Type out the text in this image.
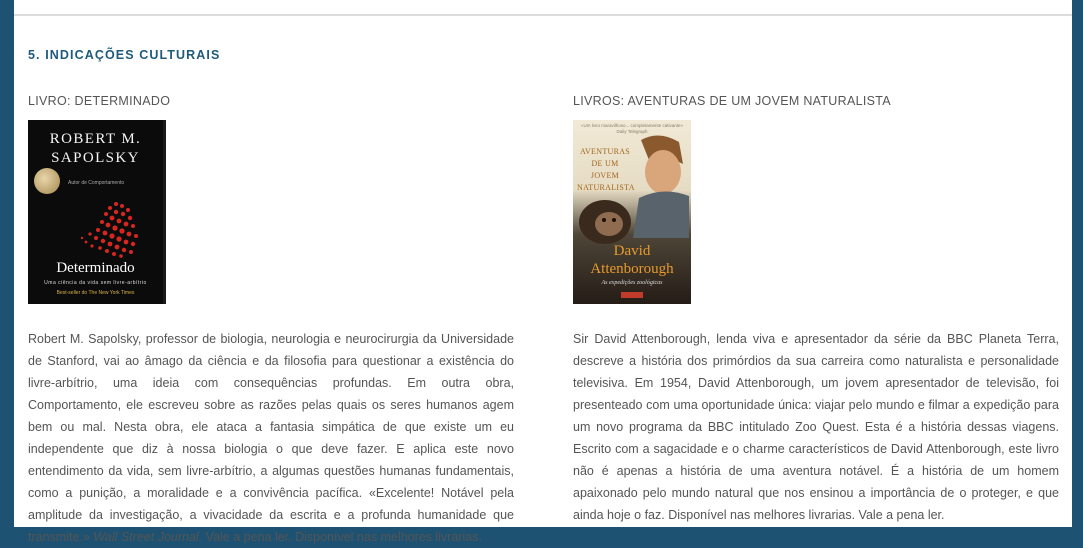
5. INDICAÇÕES CULTURAIS
LIVRO: DETERMINADO
ROBERT M.
SAPOLSKY
Autor de Comportamento
Determinado
Uma ciência da vida sem livre-arbítrio
Best-seller do The New York Times

Robert M. Sapolsky, professor de biologia, neurologia e neurocirurgia da Universidade de Stanford, vai ao âmago da ciência e da filosofia para questionar a existência do livre-arbítrio, uma ideia com consequências profundas. Em outra obra, Comportamento, ele escreveu sobre as razões pelas quais os seres humanos agem bem ou mal. Nesta obra, ele ataca a fantasia simpática de que existe um eu independente que diz à nossa biologia o que deve fazer. E aplica este novo entendimento da vida, sem livre-arbítrio, a algumas questões humanas fundamentais, como a punição, a moralidade e a convivência pacífica. «Excelente! Notável pela amplitude da investigação, a vivacidade da escrita e a profunda humanidade que transmite.» Wall Street Journal. Vale a pena ler. Disponível nas melhores livrarias.

LIVROS: AVENTURAS DE UM JOVEM NATURALISTA
«Um livro maravilhoso... completamente cativante» Daily Telegraph
AVENTURAS
DE UM
JOVEM
NATURALISTA
David
Attenborough
As expedições zoológicas

Sir David Attenborough, lenda viva e apresentador da série da BBC Planeta Terra, descreve a história dos primórdios da sua carreira como naturalista e personalidade televisiva. Em 1954, David Attenborough, um jovem apresentador de televisão, foi presenteado com uma oportunidade única: viajar pelo mundo e filmar a expedição para um novo programa da BBC intitulado Zoo Quest. Esta é a história dessas viagens. Escrito com a sagacidade e o charme característicos de David Attenborough, este livro não é apenas a história de uma aventura notável. É a história de um homem apaixonado pelo mundo natural que nos ensinou a importância de o proteger, e que ainda hoje o faz. Disponível nas melhores livrarias. Vale a pena ler.
